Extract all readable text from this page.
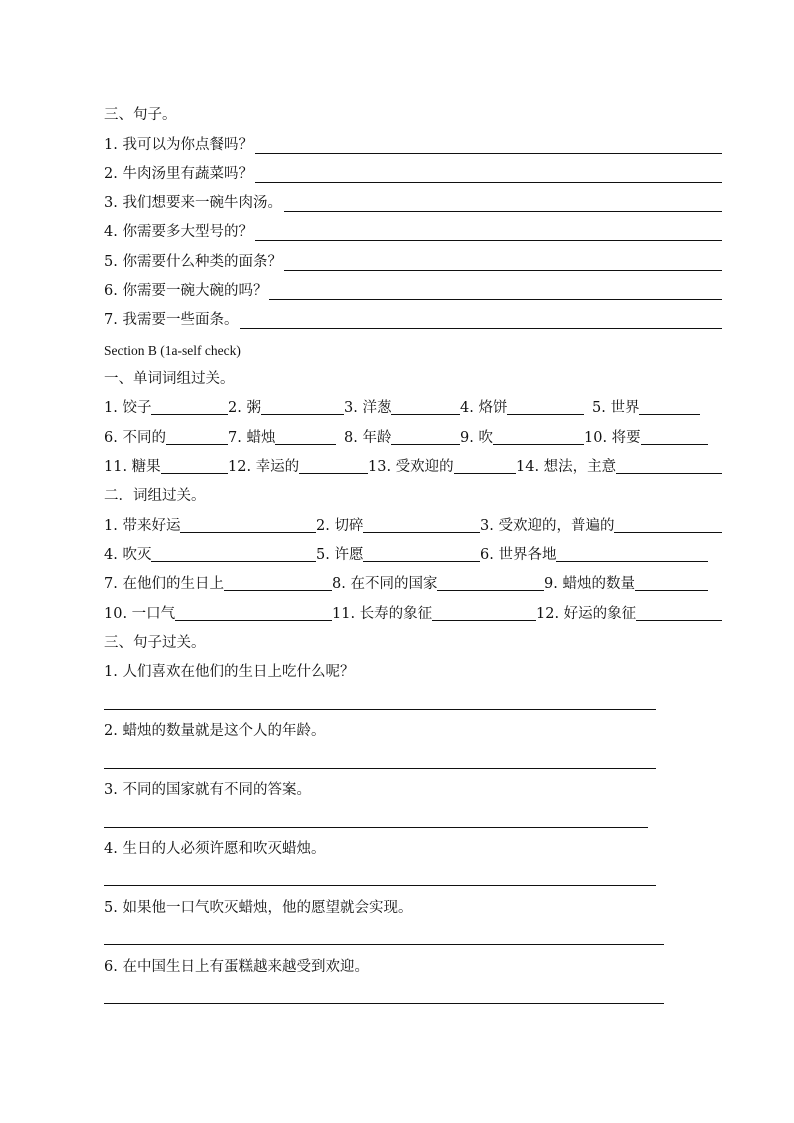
三、句子。
1. 我可以为你点餐吗？
2. 牛肉汤里有蔬菜吗？
3. 我们想要来一碗牛肉汤。
4. 你需要多大型号的？
5. 你需要什么种类的面条？
6. 你需要一碗大碗的吗？
7. 我需要一些面条。
Section B (1a-self check)
一、单词词组过关。
1. 饺子	2. 粥	3. 洋葱	4. 烙饼	5. 世界
6. 不同的	7. 蜡烛	8. 年龄	9. 吹	10. 将要
11. 糖果	12. 幸运的	13. 受欢迎的	14. 想法，主意
二．词组过关。
1. 带来好运	2. 切碎	3. 受欢迎的，普遍的
4. 吹灭	5. 许愿	6. 世界各地
7. 在他们的生日上	8. 在不同的国家	9. 蜡烛的数量
10. 一口气	11. 长寿的象征	12. 好运的象征
三、句子过关。
1. 人们喜欢在他们的生日上吃什么呢？
2. 蜡烛的数量就是这个人的年龄。
3. 不同的国家就有不同的答案。
4. 生日的人必须许愿和吹灭蜡烛。
5. 如果他一口气吹灭蜡烛，他的愿望就会实现。
6. 在中国生日上有蛋糕越来越受到欢迎。
